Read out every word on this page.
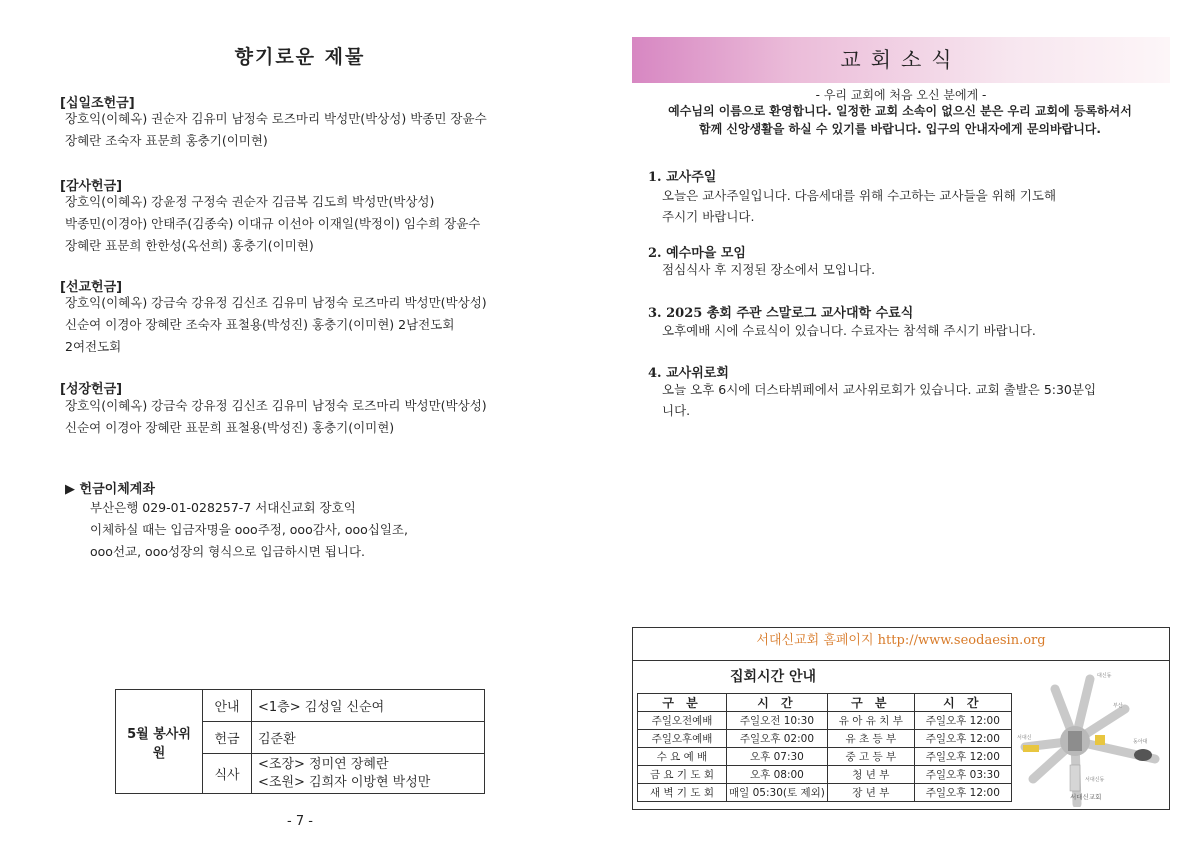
향기로운 제물
[십일조헌금]
장호익(이혜옥) 권순자 김유미 남정숙 로즈마리 박성만(박상성) 박종민 장윤수
장혜란 조숙자 표문희 홍충기(이미현)
[감사헌금]
장호익(이혜옥) 강윤정 구정숙 권순자 김금복 김도희 박성만(박상성)
박종민(이경아) 안태주(김종숙) 이대규 이선아 이재일(박정이) 임수희 장윤수
장혜란 표문희 한한성(옥선희) 홍충기(이미현)
[선교헌금]
장호익(이혜옥) 강금숙 강유정 김신조 김유미 남정숙 로즈마리 박성만(박상성)
신순여 이경아 장혜란 조숙자 표철용(박성진) 홍충기(이미현) 2남전도회
2여전도회
[성장헌금]
장호익(이혜옥) 강금숙 강유정 김신조 김유미 남정숙 로즈마리 박성만(박상성)
신순여 이경아 장혜란 표문희 표철용(박성진) 홍충기(이미현)
▶ 헌금이체계좌
부산은행 029-01-028257-7 서대신교회 장호익
이체하실 때는 입금자명을 ooo주정, ooo감사, ooo십일조,
ooo선교, ooo성장의 형식으로 입금하시면 됩니다.
5월 봉사위원	안내	<1층> 김성일 신순여
	헌금	김준환
	식사	<조장> 정미연 장혜란
<조원> 김희자 이방현 박성만
- 7 -
교회소식
- 우리 교회에 처음 오신 분에게 -
예수님의 이름으로 환영합니다. 일정한 교회 소속이 없으신 분은 우리 교회에 등록하셔서
함께 신앙생활을 하실 수 있기를 바랍니다. 입구의 안내자에게 문의바랍니다.
1. 교사주일
오늘은 교사주일입니다. 다음세대를 위해 수고하는 교사들을 위해 기도해
주시기 바랍니다.
2. 예수마을 모임
점심식사 후 지정된 장소에서 모입니다.
3. 2025 총회 주관 스말로그 교사대학 수료식
오후예배 시에 수료식이 있습니다. 수료자는 참석해 주시기 바랍니다.
4. 교사위로회
오늘 오후 6시에 더스타뷔페에서 교사위로회가 있습니다. 교회 출발은 5:30분입
니다.
서대신교회 홈페이지 http://www.seodaesin.org
집회시간 안내
구 분	시 간	구 분	시 간
주일오전예배	주일오전 10:30	유 아 유 치 부	주일오후 12:00
주일오후예배	주일오후 02:00	유 초 등 부	주일오후 12:00
수 요 예 배	오후 07:30	중 고 등 부	주일오후 12:00
금 요 기 도 회	오후 08:00	청 년 부	주일오후 03:30
새 벽 기 도 회	매일 05:30(토 제외)	장 년 부	주일오후 12:00
대신동
부산
서대신
동아대
서대신동
서대신교회
